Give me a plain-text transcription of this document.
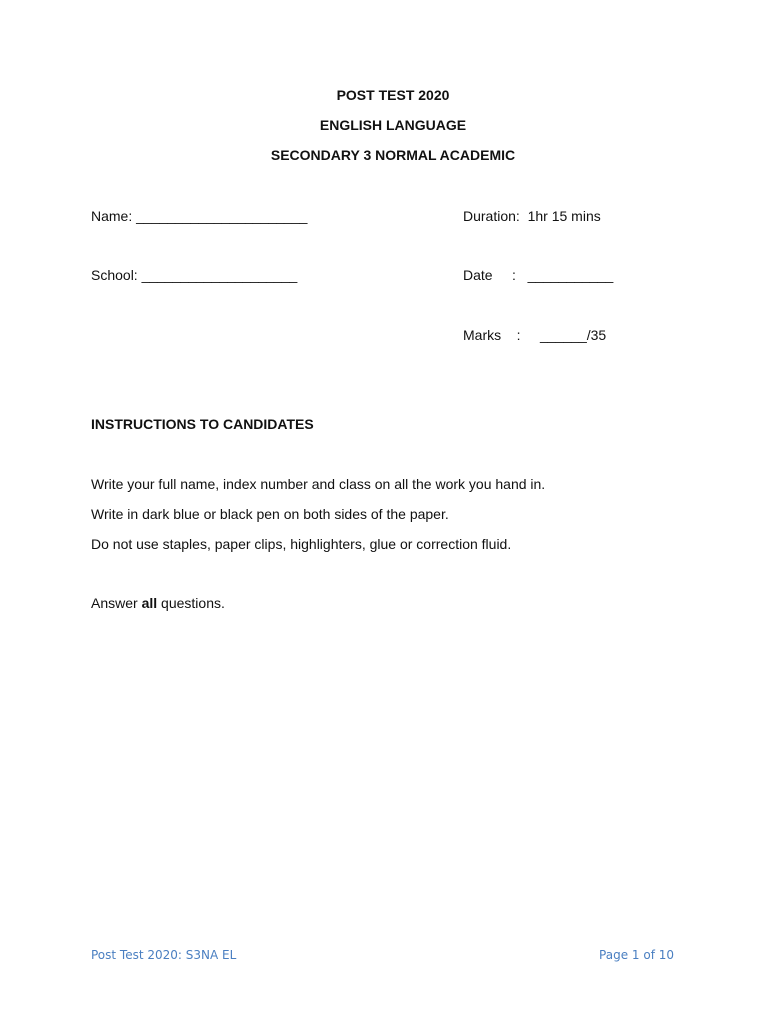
POST TEST 2020
ENGLISH LANGUAGE
SECONDARY 3 NORMAL ACADEMIC
Name: ______________________	Duration:  1hr 15 mins
School: ____________________	Date     :   ___________
Marks    :     ______/35
INSTRUCTIONS TO CANDIDATES
Write your full name, index number and class on all the work you hand in.
Write in dark blue or black pen on both sides of the paper.
Do not use staples, paper clips, highlighters, glue or correction fluid.
Answer all questions.
Post Test 2020: S3NA EL	Page 1 of 10
